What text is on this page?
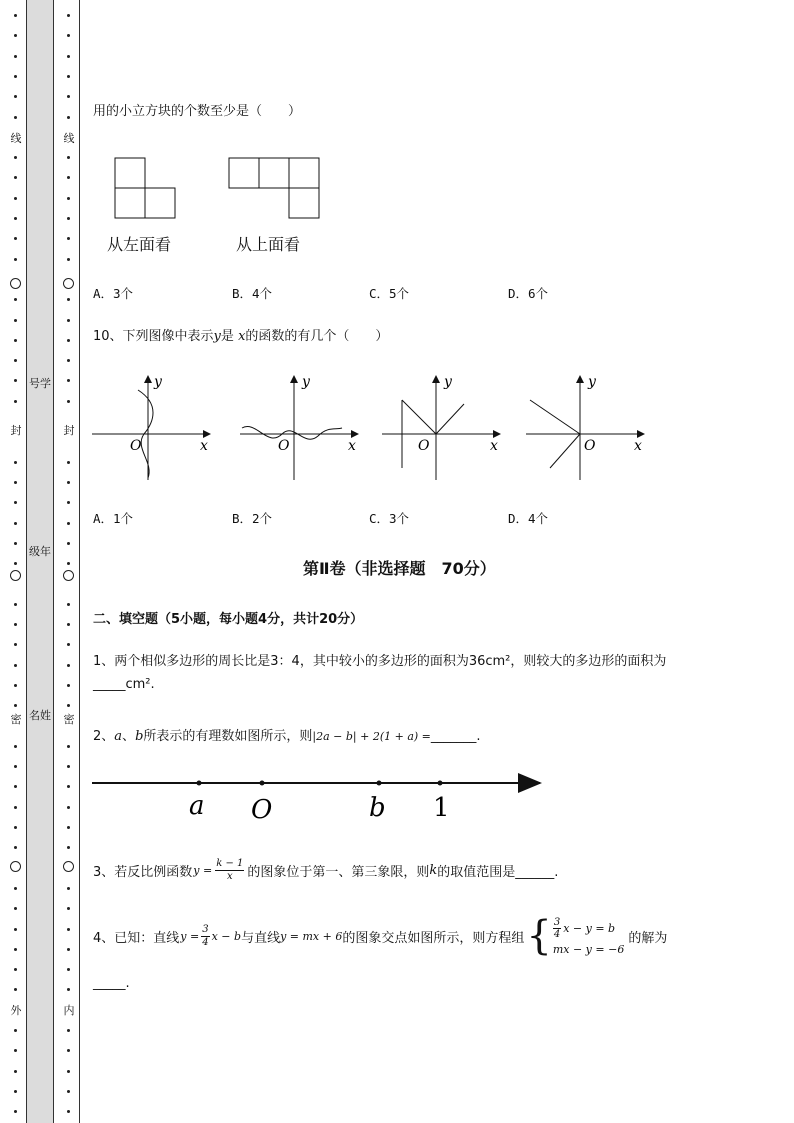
线
封
密
外
号学
级年
名姓
线
封
密
内
用的小立方块的个数至少是（　　）
从左面看	从上面看
A．3个	B．4个	C．5个	D．6个
10、下列图像中表示y是 x的函数的有几个（　　）
y
x
O
y
x
O
y
x
O
y
x
O
A．1个	B．2个	C．3个	D．4个
第Ⅱ卷（非选择题　70分）
二、填空题（5小题，每小题4分，共计20分）
1、两个相似多边形的周长比是3：4，其中较小的多边形的面积为36cm²，则较大的多边形的面积为
_____cm².
2、a、b所表示的有理数如图所示，则|2a − b| + 2(1 + a) =_______.
a O	b 1
3、若反比例函数 $y = \frac{k - 1}{x}$ 的图象位于第一、第三象限，则 k 的取值范围是______.
4、已知：直线 $y = \frac{3}{4}$ x − b 与直线 y = mx + 6 的图象交点如图所示，则方程组 { $\frac{3}{4}$ x − y = b
mx − y = −6
的解为
_____.
